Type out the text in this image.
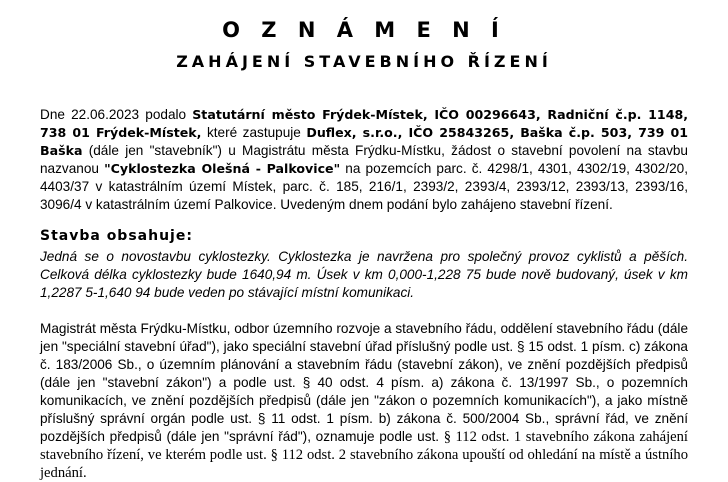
O Z N Á M E N Í
ZAHÁJENÍ STAVEBNÍHO ŘÍZENÍ

Dne 22.06.2023 podalo Statutární město Frýdek-Místek, IČO 00296643, Radniční č.p. 1148, 738 01 Frýdek-Místek, které zastupuje Duflex, s.r.o., IČO 25843265, Baška č.p. 503, 739 01 Baška (dále jen "stavebník") u Magistrátu města Frýdku-Místku, žádost o stavební povolení na stavbu nazvanou "Cyklostezka Olešná - Palkovice" na pozemcích parc. č. 4298/1, 4301, 4302/19, 4302/20, 4403/37 v katastrálním území Místek, parc. č. 185, 216/1, 2393/2, 2393/4, 2393/12, 2393/13, 2393/16, 3096/4 v katastrálním území Palkovice. Uvedeným dnem podání bylo zahájeno stavební řízení.

Stavba obsahuje:

Jedná se o novostavbu cyklostezky. Cyklostezka je navržena pro společný provoz cyklistů a pěších. Celková délka cyklostezky bude 1640,94 m. Úsek v km 0,000-1,228 75 bude nově budovaný, úsek v km 1,2287 5-1,640 94 bude veden po stávající místní komunikaci.

Magistrát města Frýdku-Místku, odbor územního rozvoje a stavebního řádu, oddělení stavebního řádu (dále jen "speciální stavební úřad"), jako speciální stavební úřad příslušný podle ust. § 15 odst. 1 písm. c) zákona č. 183/2006 Sb., o územním plánování a stavebním řádu (stavební zákon), ve znění pozdějších předpisů (dále jen "stavební zákon") a podle ust. § 40 odst. 4 písm. a) zákona č. 13/1997 Sb., o pozemních komunikacích, ve znění pozdějších předpisů (dále jen "zákon o pozemních komunikacích"), a jako místně příslušný správní orgán podle ust. § 11 odst. 1 písm. b) zákona č. 500/2004 Sb., správní řád, ve znění pozdějších předpisů (dále jen "správní řád"), oznamuje podle ust. § 112 odst. 1 stavebního zákona zahájení stavebního řízení, ve kterém podle ust. § 112 odst. 2 stavebního zákona upouští od ohledání na místě a ústního jednání.
